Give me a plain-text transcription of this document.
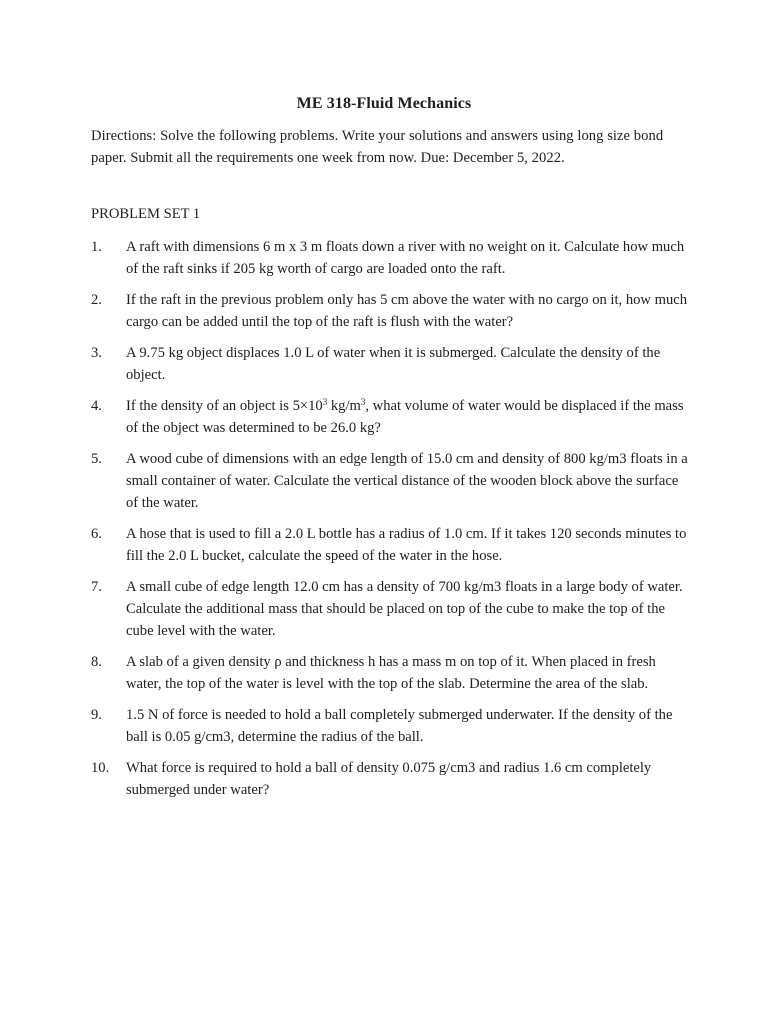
ME 318-Fluid Mechanics
Directions: Solve the following problems. Write your solutions and answers using long size bond paper. Submit all the requirements one week from now. Due: December 5, 2022.
PROBLEM SET 1
1.	A raft with dimensions 6 m x 3 m floats down a river with no weight on it. Calculate how much of the raft sinks if 205 kg worth of cargo are loaded onto the raft.
2.	If the raft in the previous problem only has 5 cm above the water with no cargo on it, how much cargo can be added until the top of the raft is flush with the water?
3.	A 9.75 kg object displaces 1.0 L of water when it is submerged. Calculate the density of the object.
4.	If the density of an object is $5\times 10^3$ $kg/m^3$, what volume of water would be displaced if the mass of the object was determined to be 26.0 kg?
5.	A wood cube of dimensions with an edge length of 15.0 cm and density of 800 kg/m3 floats in a small container of water. Calculate the vertical distance of the wooden block above the surface of the water.
6.	A hose that is used to fill a 2.0 L bottle has a radius of 1.0 cm. If it takes 120 seconds minutes to fill the 2.0 L bucket, calculate the speed of the water in the hose.
7.	A small cube of edge length 12.0 cm has a density of 700 kg/m3 floats in a large body of water. Calculate the additional mass that should be placed on top of the cube to make the top of the cube level with the water.
8.	A slab of a given density ρ and thickness h has a mass m on top of it. When placed in fresh water, the top of the water is level with the top of the slab. Determine the area of the slab.
9.	1.5 N of force is needed to hold a ball completely submerged underwater. If the density of the ball is 0.05 g/cm3, determine the radius of the ball.
10.	What force is required to hold a ball of density 0.075 g/cm3 and radius 1.6 cm completely submerged under water?
